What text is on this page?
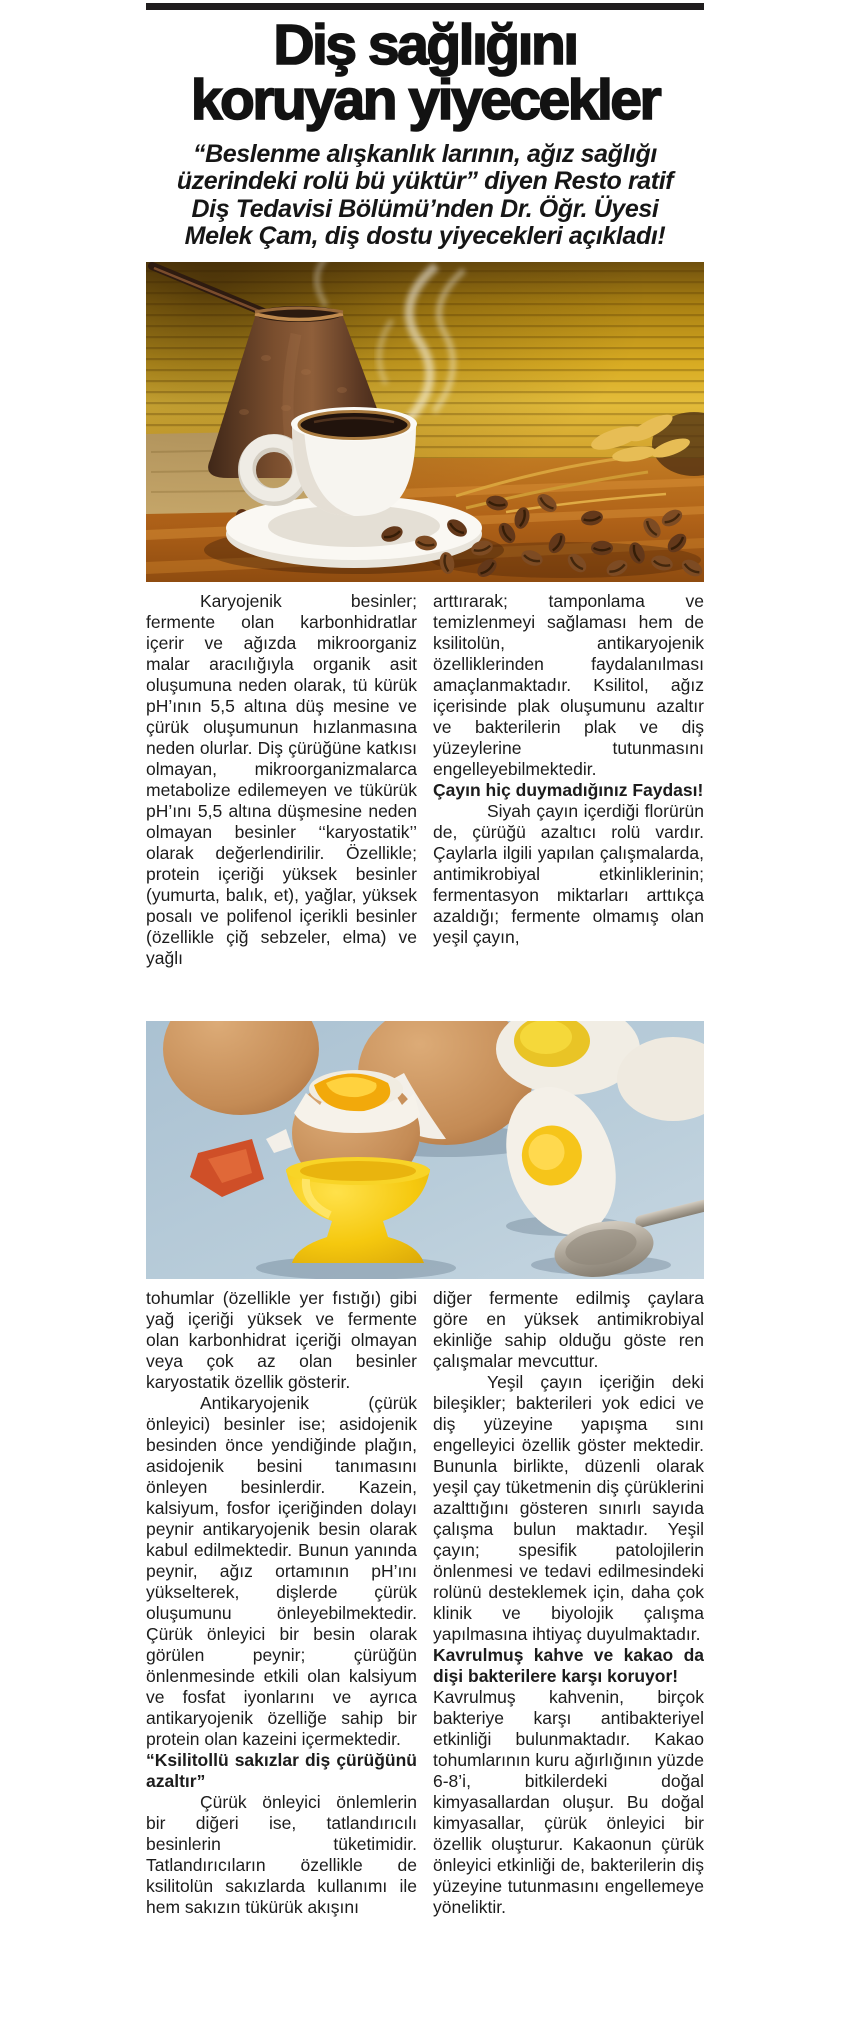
Diş sağlığını
koruyan yiyecekler
“Beslenme alışkanlık larının, ağız sağlığı
üzerindeki rolü bü yüktür” diyen Resto ratif
Diş Tedavisi Bölümü’nden Dr. Öğr. Üyesi
Melek Çam, diş dostu yiyecekleri açıkladı!

Karyojenik besinler; fermente olan karbonhidratlar içerir ve ağızda mikroorganiz malar aracılığıyla organik asit oluşumuna neden olarak, tü kürük pH’ının 5,5 altına düş mesine ve çürük oluşumunun hızlanmasına neden olurlar. Diş çürüğüne katkısı olmayan, mikroorganizmalarca metabolize edilemeyen ve tükürük pH’ını 5,5 altına düşmesine neden olmayan besinler ‘‘karyostatik’’ olarak değerlendirilir. Özellikle; protein içeriği yüksek besinler (yumurta, balık, et), yağlar, yüksek posalı ve polifenol içerikli besinler (özellikle çiğ sebzeler, elma) ve yağlı

arttırarak; tamponlama ve temizlenmeyi sağlaması hem de ksilitolün, antikaryojenik özelliklerinden faydalanılması amaçlanmaktadır. Ksilitol, ağız içerisinde plak oluşumunu azaltır ve bakterilerin plak ve diş yüzeylerine tutunmasını engelleyebilmektedir.

Çayın hiç duymadığınız Faydası!

Siyah çayın içerdiği florürün de, çürüğü azaltıcı rolü vardır. Çaylarla ilgili yapılan çalışmalarda, antimikrobiyal etkinliklerinin; fermentasyon miktarları arttıkça azaldığı; fermente olmamış olan yeşil çayın,

tohumlar (özellikle yer fıstığı) gibi yağ içeriği yüksek ve fermente olan karbonhidrat içeriği olmayan veya çok az olan besinler karyostatik özellik gösterir.

Antikaryojenik (çürük önleyici) besinler ise; asidojenik besinden önce yendiğinde plağın, asidojenik besini tanımasını önleyen besinlerdir. Kazein, kalsiyum, fosfor içeriğinden dolayı peynir antikaryojenik besin olarak kabul edilmektedir. Bunun yanında peynir, ağız ortamının pH’ını yükselterek, dişlerde çürük oluşumunu önleyebilmektedir. Çürük önleyici bir besin olarak görülen peynir; çürüğün önlenmesinde etkili olan kalsiyum ve fosfat iyonlarını ve ayrıca antikaryojenik özelliğe sahip bir protein olan kazeini içermektedir.

“Ksilitollü sakızlar diş çürüğünü azaltır”

Çürük önleyici önlemlerin bir diğeri ise, tatlandırıcılı besinlerin tüketimidir. Tatlandırıcıların özellikle de ksilitolün sakızlarda kullanımı ile hem sakızın tükürük akışını

diğer fermente edilmiş çaylara göre en yüksek antimikrobiyal ekinliğe sahip olduğu göste ren çalışmalar mevcuttur.

Yeşil çayın içeriğin deki bileşikler; bakterileri yok edici ve diş yüzeyine yapışma sını engelleyici özellik göster mektedir. Bununla birlikte, düzenli olarak yeşil çay tüketmenin diş çürüklerini azalttığını gösteren sınırlı sayıda çalışma bulun maktadır. Yeşil çayın; spesifik patolojilerin önlenmesi ve tedavi edilmesindeki rolünü desteklemek için, daha çok klinik ve biyolojik çalışma yapılmasına ihtiyaç duyulmaktadır.

Kavrulmuş kahve ve kakao da dişi bakterilere karşı koruyor!

Kavrulmuş kahvenin, birçok bakteriye karşı antibakteriyel etkinliği bulunmaktadır. Kakao tohumlarının kuru ağırlığının yüzde 6-8’i, bitkilerdeki doğal kimyasallardan oluşur. Bu doğal kimyasallar, çürük önleyici bir özellik oluşturur. Kakaonun çürük önleyici etkinliği de, bakterilerin diş yüzeyine tutunmasını engellemeye yöneliktir.
